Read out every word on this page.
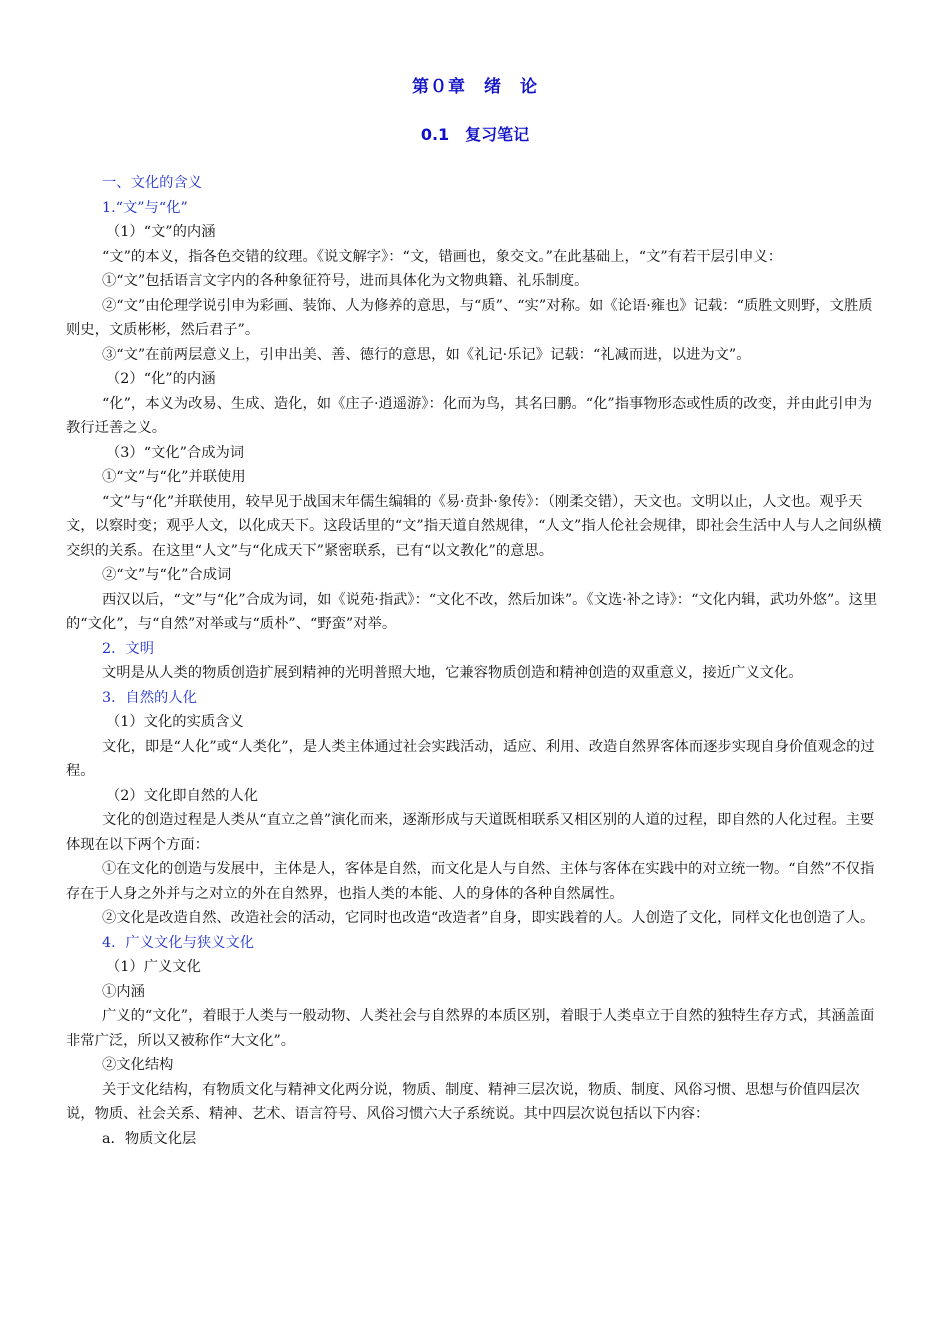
第０章　绪　论
0.1　复习笔记

一、文化的含义

1.“文”与“化”

（1）“文”的内涵

“文”的本义，指各色交错的纹理。《说文解字》：“文，错画也，象交文。”在此基础上，“文”有若干层引申义：

①“文”包括语言文字内的各种象征符号，进而具体化为文物典籍、礼乐制度。

②“文”由伦理学说引申为彩画、装饰、人为修养的意思，与“质”、“实”对称。如《论语·雍也》记载：“质胜文则野，文胜质则史，文质彬彬，然后君子”。

③“文”在前两层意义上，引申出美、善、德行的意思，如《礼记·乐记》记载：“礼减而进，以进为文”。

（2）“化”的内涵

“化”，本义为改易、生成、造化，如《庄子·逍遥游》：化而为鸟，其名曰鹏。“化”指事物形态或性质的改变，并由此引申为教行迁善之义。

（3）“文化”合成为词

①“文”与“化”并联使用

“文”与“化”并联使用，较早见于战国末年儒生编辑的《易·贲卦·象传》：（刚柔交错），天文也。文明以止，人文也。观乎天文，以察时变；观乎人文，以化成天下。这段话里的“文”指天道自然规律，“人文”指人伦社会规律，即社会生活中人与人之间纵横交织的关系。在这里“人文”与“化成天下”紧密联系，已有“以文教化”的意思。

②“文”与“化”合成词

西汉以后，“文”与“化”合成为词，如《说苑·指武》：“文化不改，然后加诛”。《文选·补之诗》：“文化内辑，武功外悠”。这里的“文化”，与“自然”对举或与“质朴”、“野蛮”对举。

2．文明

文明是从人类的物质创造扩展到精神的光明普照大地，它兼容物质创造和精神创造的双重意义，接近广义文化。

3．自然的人化

（1）文化的实质含义

文化，即是“人化”或“人类化”，是人类主体通过社会实践活动，适应、利用、改造自然界客体而逐步实现自身价值观念的过程。

（2）文化即自然的人化

文化的创造过程是人类从“直立之兽”演化而来，逐渐形成与天道既相联系又相区别的人道的过程，即自然的人化过程。主要体现在以下两个方面：

①在文化的创造与发展中，主体是人，客体是自然，而文化是人与自然、主体与客体在实践中的对立统一物。“自然”不仅指存在于人身之外并与之对立的外在自然界，也指人类的本能、人的身体的各种自然属性。

②文化是改造自然、改造社会的活动，它同时也改造“改造者”自身，即实践着的人。人创造了文化，同样文化也创造了人。

4．广义文化与狭义文化

（1）广义文化

①内涵

广义的“文化”，着眼于人类与一般动物、人类社会与自然界的本质区别，着眼于人类卓立于自然的独特生存方式，其涵盖面非常广泛，所以又被称作“大文化”。

②文化结构

关于文化结构，有物质文化与精神文化两分说，物质、制度、精神三层次说，物质、制度、风俗习惯、思想与价值四层次说，物质、社会关系、精神、艺术、语言符号、风俗习惯六大子系统说。其中四层次说包括以下内容：

a．物质文化层
